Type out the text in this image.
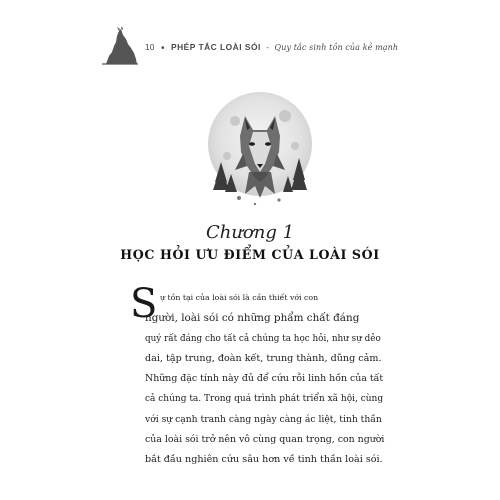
10 • PHÉP TẮC LOÀI SÓI - Quy tắc sinh tồn của kẻ mạnh
Chương 1
HỌC HỎI ƯU ĐIỂM CỦA LOÀI SÓI
S ự tồn tại của loài sói là cần thiết với con
người, loài sói có những phẩm chất đáng
quý rất đáng cho tất cả chúng ta học hỏi, như sự dẻo
dai, tập trung, đoàn kết, trung thành, dũng cảm.
Những đặc tính này đủ để cứu rỗi linh hồn của tất
cả chúng ta. Trong quá trình phát triển xã hội, cùng
với sự cạnh tranh càng ngày càng ác liệt, tinh thần
của loài sói trở nên vô cùng quan trọng, con người
bắt đầu nghiên cứu sâu hơn về tinh thần loài sói.
